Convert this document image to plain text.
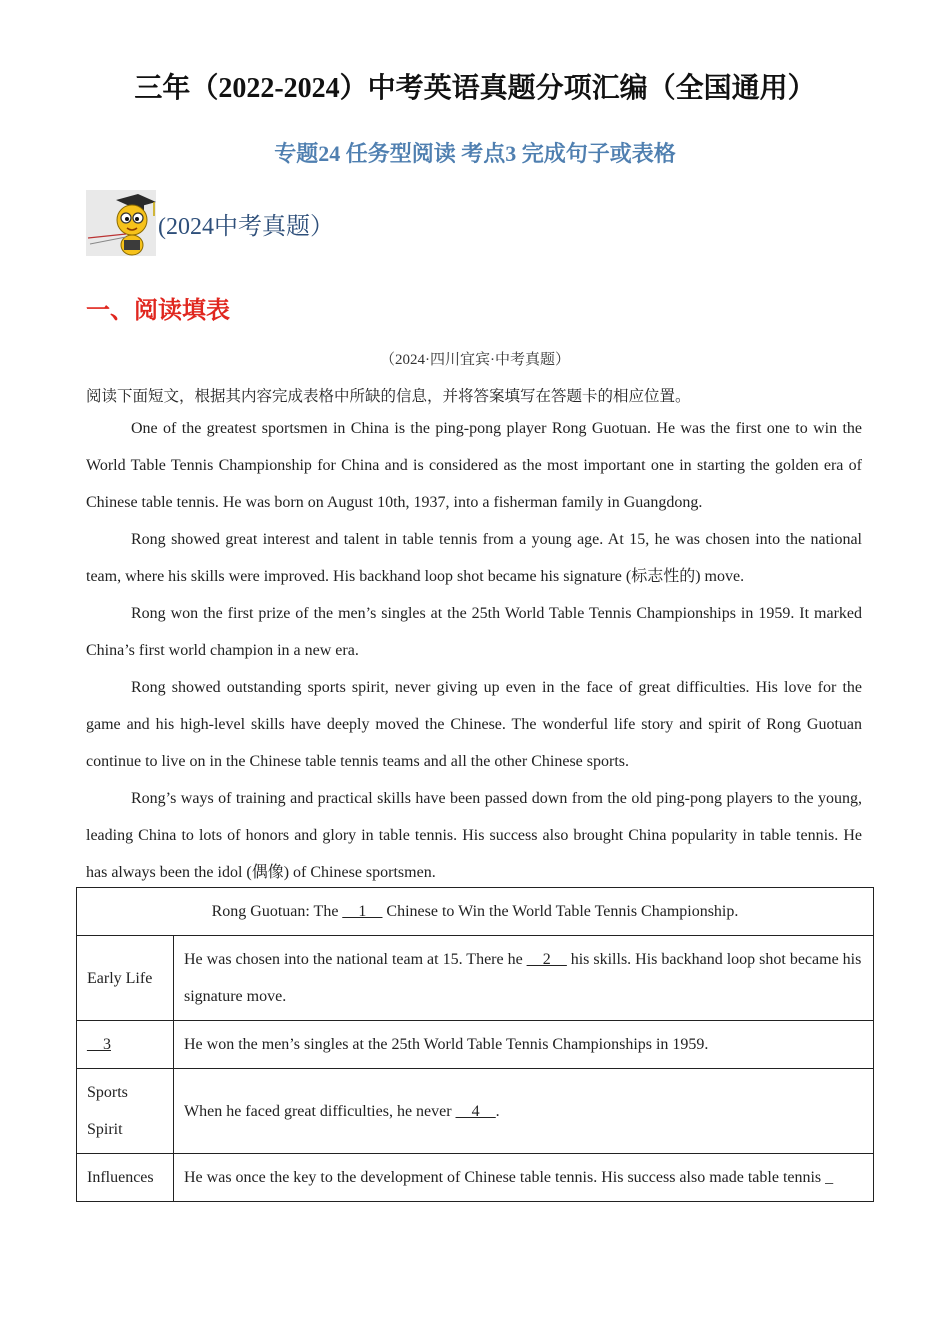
三年（2022-2024）中考英语真题分项汇编（全国通用）
专题24 任务型阅读 考点3 完成句子或表格
(2024中考真题）
一、阅读填表
（2024·四川宜宾·中考真题）
阅读下面短文，根据其内容完成表格中所缺的信息，并将答案填写在答题卡的相应位置。

One of the greatest sportsmen in China is the ping-pong player Rong Guotuan. He was the first one to win the World Table Tennis Championship for China and is considered as the most important one in starting the golden era of Chinese table tennis. He was born on August 10th, 1937, into a fisherman family in Guangdong.

Rong showed great interest and talent in table tennis from a young age. At 15, he was chosen into the national team, where his skills were improved. His backhand loop shot became his signature (标志性的) move.

Rong won the first prize of the men’s singles at the 25th World Table Tennis Championships in 1959. It marked China’s first world champion in a new era.

Rong showed outstanding sports spirit, never giving up even in the face of great difficulties. His love for the game and his high-level skills have deeply moved the Chinese. The wonderful life story and spirit of Rong Guotuan continue to live on in the Chinese table tennis teams and all the other Chinese sports.

Rong’s ways of training and practical skills have been passed down from the old ping-pong players to the young, leading China to lots of honors and glory in table tennis. His success also brought China popularity in table tennis. He has always been the idol (偶像) of Chinese sportsmen.

Rong Guotuan: The __1__ Chinese to Win the World Table Tennis Championship.	
Early Life	He was chosen into the national team at 15. There he __2__ his skills. His backhand loop shot became his signature move.
__3	He won the men’s singles at the 25th World Table Tennis Championships in 1959.
Sports Spirit	When he faced great difficulties, he never __4__.
Influences	He was once the key to the development of Chinese table tennis. His success also made table tennis _
